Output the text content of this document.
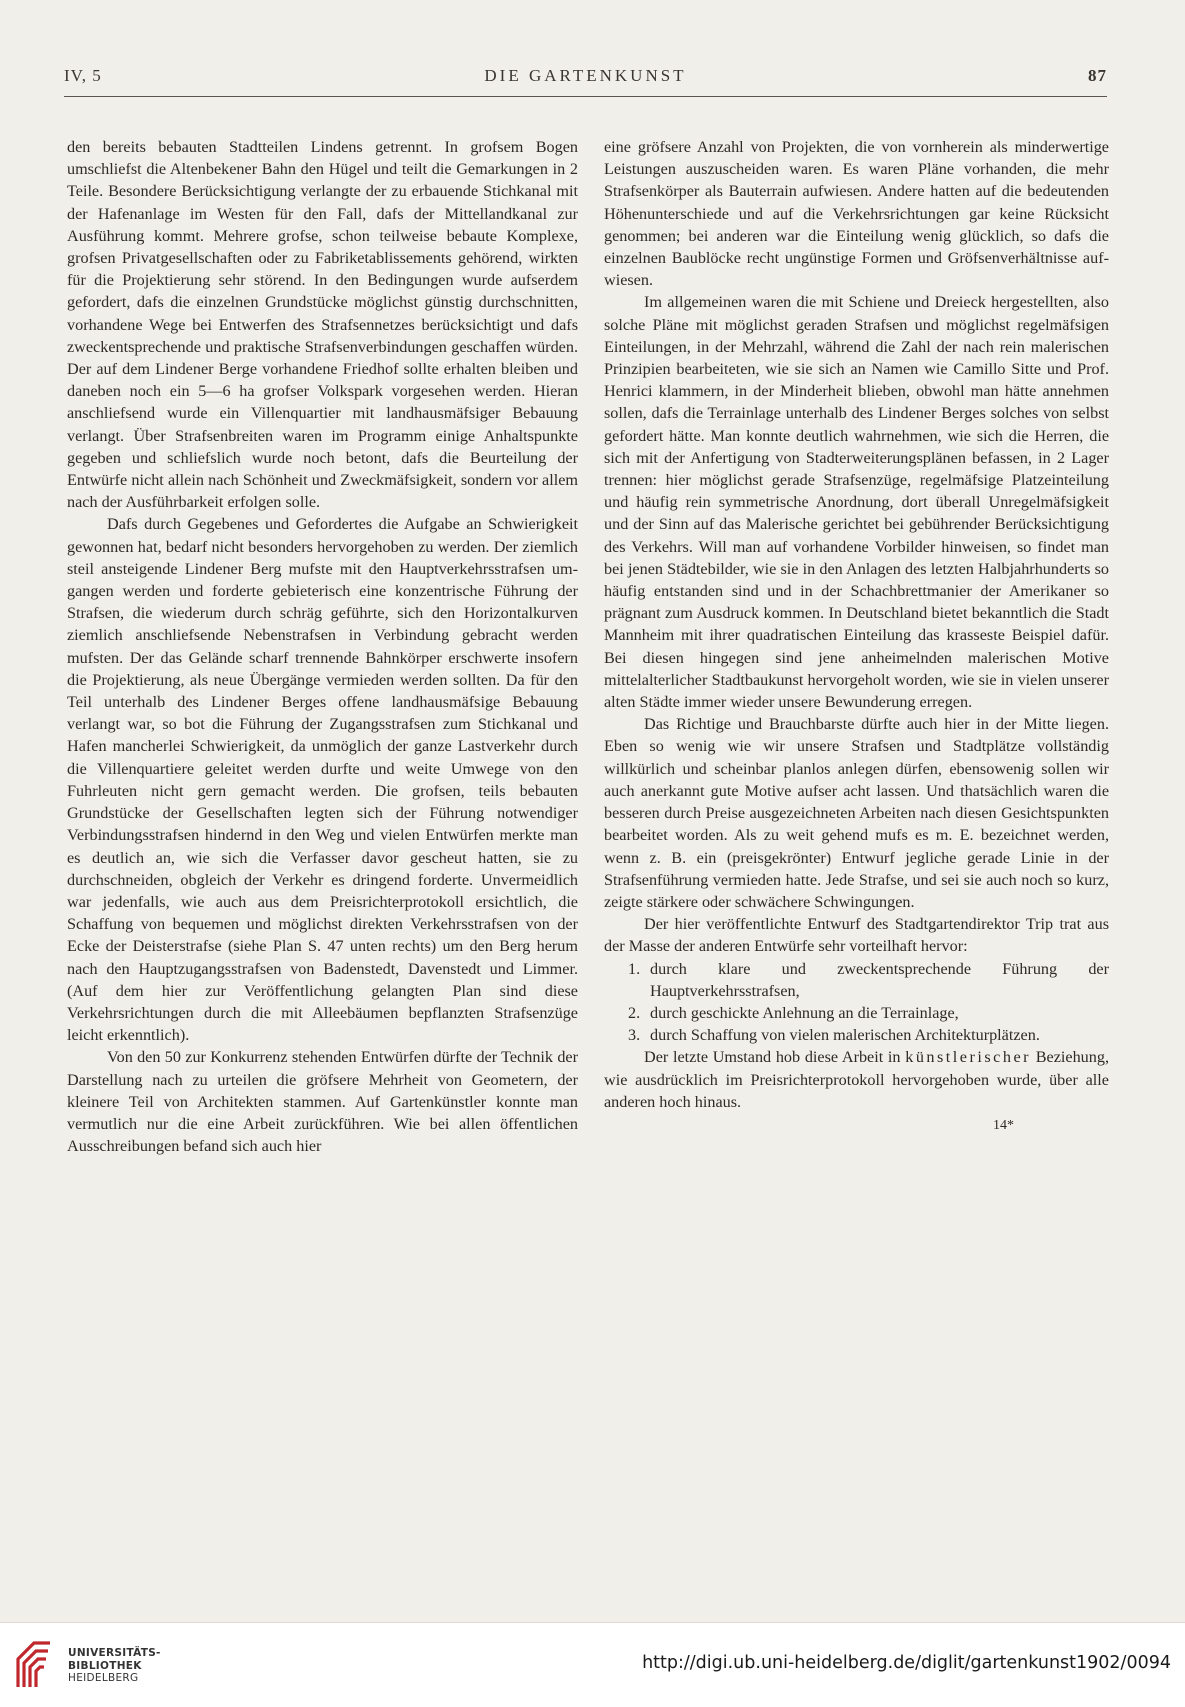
IV, 5	DIE GARTENKUNST	87

den bereits bebauten Stadtteilen Lindens getrennt. In grofsem Bogen umschliefst die Altenbekener Bahn den Hügel und teilt die Gemarkungen in 2 Teile. Besondere Berücksichtigung verlangte der zu erbauende Stichkanal mit der Hafenanlage im Westen für den Fall, dafs der Mittellandkanal zur Ausführung kommt. Mehrere grofse, schon teilweise bebaute Komplexe, grofsen Privatgesellschaften oder zu Fabriketablissements gehörend, wirkten für die Projektierung sehr störend. In den Bedingungen wurde aufserdem gefordert, dafs die einzelnen Grundstücke möglichst günstig durchschnitten, vorhandene Wege bei Entwerfen des Strafsennetzes berücksichtigt und dafs zweckentsprechende und praktische Strafsenverbindungen geschaffen würden. Der auf dem Lindener Berge vorhandene Friedhof sollte erhalten bleiben und daneben noch ein 5—6 ha grofser Volkspark vorgesehen werden. Hieran anschliefsend wurde ein Villenquartier mit landhausmäfsiger Bebauung verlangt. Über Strafsenbreiten waren im Programm einige Anhaltspunkte gegeben und schliefslich wurde noch betont, dafs die Beurteilung der Entwürfe nicht allein nach Schönheit und Zweckmäfsigkeit, sondern vor allem nach der Ausführbarkeit erfolgen solle.

Dafs durch Gegebenes und Gefordertes die Aufgabe an Schwierigkeit gewonnen hat, bedarf nicht besonders hervorgehoben zu werden. Der ziemlich steil ansteigende Lindener Berg mufste mit den Hauptverkehrsstrafsen umgangen werden und forderte gebieterisch eine konzentrische Führung der Strafsen, die wiederum durch schräg geführte, sich den Horizontalkurven ziemlich anschliefsende Nebenstrafsen in Verbindung gebracht werden mufsten. Der das Gelände scharf trennende Bahnkörper erschwerte insofern die Projektierung, als neue Übergänge vermieden werden sollten. Da für den Teil unterhalb des Lindener Berges offene landhausmäfsige Bebauung verlangt war, so bot die Führung der Zugangsstrafsen zum Stichkanal und Hafen mancherlei Schwierigkeit, da unmöglich der ganze Lastverkehr durch die Villenquartiere geleitet werden durfte und weite Umwege von den Fuhrleuten nicht gern gemacht werden. Die grofsen, teils bebauten Grundstücke der Gesellschaften legten sich der Führung notwendiger Verbindungsstrafsen hindernd in den Weg und vielen Entwürfen merkte man es deutlich an, wie sich die Verfasser davor gescheut hatten, sie zu durchschneiden, obgleich der Verkehr es dringend forderte. Unvermeidlich war jedenfalls, wie auch aus dem Preisrichterprotokoll ersichtlich, die Schaffung von bequemen und möglichst direkten Verkehrsstrafsen von der Ecke der Deisterstrafse (siehe Plan S. 47 unten rechts) um den Berg herum nach den Hauptzugangsstrafsen von Badenstedt, Davenstedt und Limmer. (Auf dem hier zur Veröffentlichung gelangten Plan sind diese Verkehrsrichtungen durch die mit Alleebäumen bepflanzten Strafsenzüge leicht erkenntlich).

Von den 50 zur Konkurrenz stehenden Entwürfen dürfte der Technik der Darstellung nach zu urteilen die gröfsere Mehrheit von Geometern, der kleinere Teil von Architekten stammen. Auf Gartenkünstler konnte man vermutlich nur die eine Arbeit zurückführen. Wie bei allen öffentlichen Ausschreibungen befand sich auch hier

eine gröfsere Anzahl von Projekten, die von vornherein als minderwertige Leistungen auszuscheiden waren. Es waren Pläne vorhanden, die mehr Strafsenkörper als Bauterrain aufwiesen. Andere hatten auf die bedeutenden Höhenunterschiede und auf die Verkehrsrichtungen gar keine Rücksicht genommen; bei anderen war die Einteilung wenig glücklich, so dafs die einzelnen Baublöcke recht ungünstige Formen und Gröfsenverhältnisse aufwiesen.

Im allgemeinen waren die mit Schiene und Dreieck hergestellten, also solche Pläne mit möglichst geraden Strafsen und möglichst regelmäfsigen Einteilungen, in der Mehrzahl, während die Zahl der nach rein malerischen Prinzipien bearbeiteten, wie sie sich an Namen wie Camillo Sitte und Prof. Henrici klammern, in der Minderheit blieben, obwohl man hätte annehmen sollen, dafs die Terrainlage unterhalb des Lindener Berges solches von selbst gefordert hätte. Man konnte deutlich wahrnehmen, wie sich die Herren, die sich mit der Anfertigung von Stadterweiterungsplänen befassen, in 2 Lager trennen: hier möglichst gerade Strafsenzüge, regelmäfsige Platzeinteilung und häufig rein symmetrische Anordnung, dort überall Unregelmäfsigkeit und der Sinn auf das Malerische gerichtet bei gebührender Berücksichtigung des Verkehrs. Will man auf vorhandene Vorbilder hinweisen, so findet man bei jenen Städtebilder, wie sie in den Anlagen des letzten Halbjahrhunderts so häufig entstanden sind und in der Schachbrettmanier der Amerikaner so prägnant zum Ausdruck kommen. In Deutschland bietet bekanntlich die Stadt Mannheim mit ihrer quadratischen Einteilung das krasseste Beispiel dafür. Bei diesen hingegen sind jene anheimelnden malerischen Motive mittelalterlicher Stadtbaukunst hervorgeholt worden, wie sie in vielen unserer alten Städte immer wieder unsere Bewunderung erregen.

Das Richtige und Brauchbarste dürfte auch hier in der Mitte liegen. Eben so wenig wie wir unsere Strafsen und Stadtplätze vollständig willkürlich und scheinbar planlos anlegen dürfen, ebensowenig sollen wir auch anerkannt gute Motive aufser acht lassen. Und thatsächlich waren die besseren durch Preise ausgezeichneten Arbeiten nach diesen Gesichtspunkten bearbeitet worden. Als zu weit gehend mufs es m. E. bezeichnet werden, wenn z. B. ein (preisgekrönter) Entwurf jegliche gerade Linie in der Strafsenführung vermieden hatte. Jede Strafse, und sei sie auch noch so kurz, zeigte stärkere oder schwächere Schwingungen.

Der hier veröffentlichte Entwurf des Stadtgartendirektor Trip trat aus der Masse der anderen Entwürfe sehr vorteilhaft hervor:

1. durch klare und zweckentsprechende Führung der Hauptverkehrsstrafsen,
2. durch geschickte Anlehnung an die Terrainlage,
3. durch Schaffung von vielen malerischen Architekturplätzen.

Der letzte Umstand hob diese Arbeit in künstlerischer Beziehung, wie ausdrücklich im Preisrichterprotokoll hervorgehoben wurde, über alle anderen hoch hinaus.

14*
UNIVERSITÄTS-
BIBLIOTHEK
HEIDELBERG
http://digi.ub.uni-heidelberg.de/diglit/gartenkunst1902/0094
